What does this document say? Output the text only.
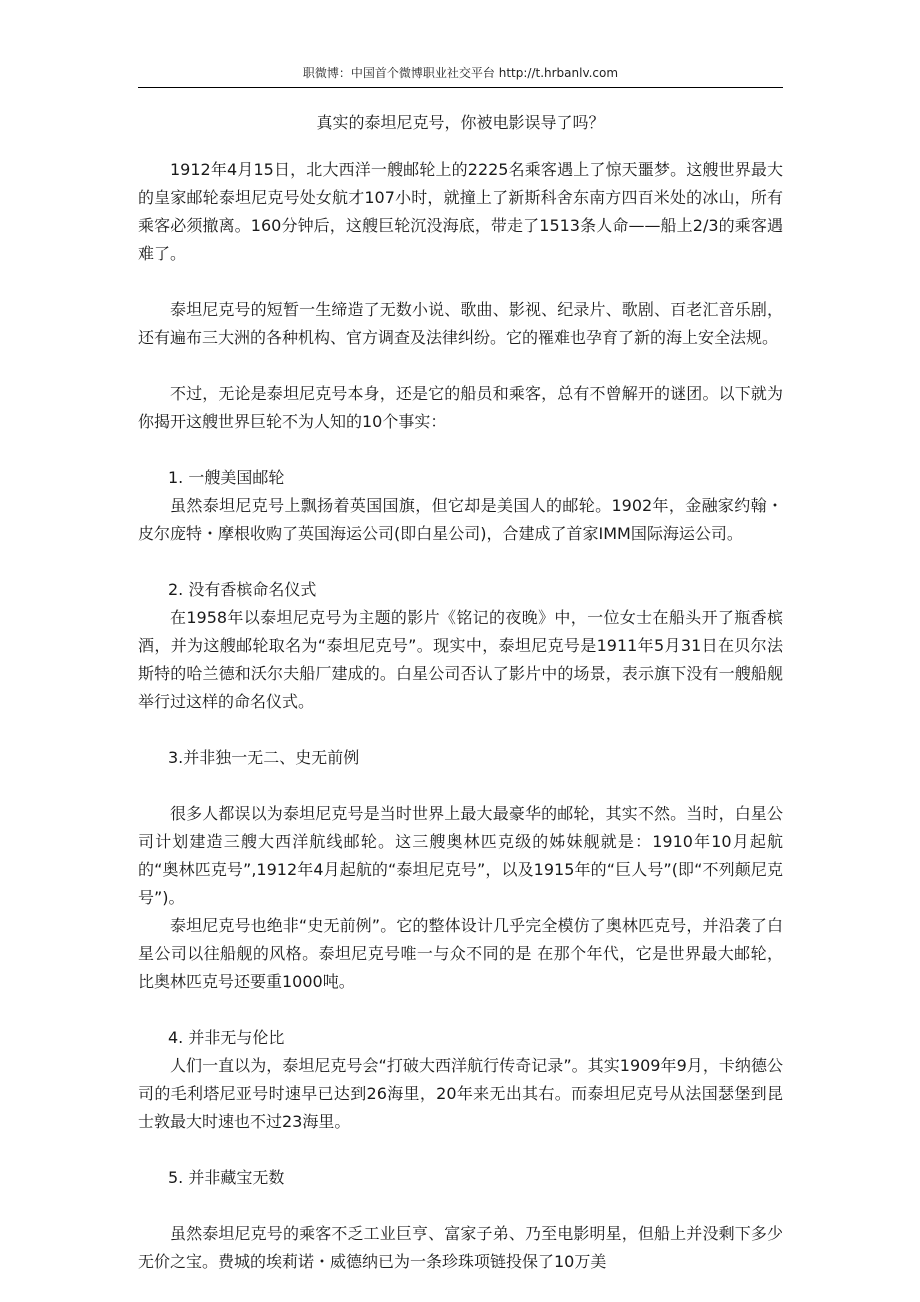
职微博：中国首个微博职业社交平台 http://t.hrbanlv.com
真实的泰坦尼克号，你被电影误导了吗？

1912年4月15日，北大西洋一艘邮轮上的2225名乘客遇上了惊天噩梦。这艘世界最大的皇家邮轮泰坦尼克号处女航才107小时，就撞上了新斯科舍东南方四百米处的冰山，所有乘客必须撤离。160分钟后，这艘巨轮沉没海底，带走了1513条人命——船上2/3的乘客遇难了。

泰坦尼克号的短暂一生缔造了无数小说、歌曲、影视、纪录片、歌剧、百老汇音乐剧，还有遍布三大洲的各种机构、官方调查及法律纠纷。它的罹难也孕育了新的海上安全法规。

不过，无论是泰坦尼克号本身，还是它的船员和乘客，总有不曾解开的谜团。以下就为你揭开这艘世界巨轮不为人知的10个事实：

1. 一艘美国邮轮

虽然泰坦尼克号上飘扬着英国国旗，但它却是美国人的邮轮。1902年，金融家约翰・皮尔庞特・摩根收购了英国海运公司(即白星公司)，合建成了首家IMM国际海运公司。

2. 没有香槟命名仪式

在1958年以泰坦尼克号为主题的影片《铭记的夜晚》中，一位女士在船头开了瓶香槟酒，并为这艘邮轮取名为“泰坦尼克号”。现实中，泰坦尼克号是1911年5月31日在贝尔法斯特的哈兰德和沃尔夫船厂建成的。白星公司否认了影片中的场景，表示旗下没有一艘船舰举行过这样的命名仪式。

3.并非独一无二、史无前例

很多人都误以为泰坦尼克号是当时世界上最大最豪华的邮轮，其实不然。当时，白星公司计划建造三艘大西洋航线邮轮。这三艘奥林匹克级的姊妹舰就是：1910年10月起航的“奥林匹克号”,1912年4月起航的“泰坦尼克号”，以及1915年的“巨人号”(即“不列颠尼克号”)。

泰坦尼克号也绝非“史无前例”。它的整体设计几乎完全模仿了奥林匹克号，并沿袭了白星公司以往船舰的风格。泰坦尼克号唯一与众不同的是 在那个年代，它是世界最大邮轮，比奥林匹克号还要重1000吨。

4. 并非无与伦比

人们一直以为，泰坦尼克号会“打破大西洋航行传奇记录”。其实1909年9月，卡纳德公司的毛利塔尼亚号时速早已达到26海里，20年来无出其右。而泰坦尼克号从法国瑟堡到昆士敦最大时速也不过23海里。

5. 并非藏宝无数

虽然泰坦尼克号的乘客不乏工业巨亨、富家子弟、乃至电影明星，但船上并没剩下多少无价之宝。费城的埃莉诺・威德纳已为一条珍珠项链投保了10万美
